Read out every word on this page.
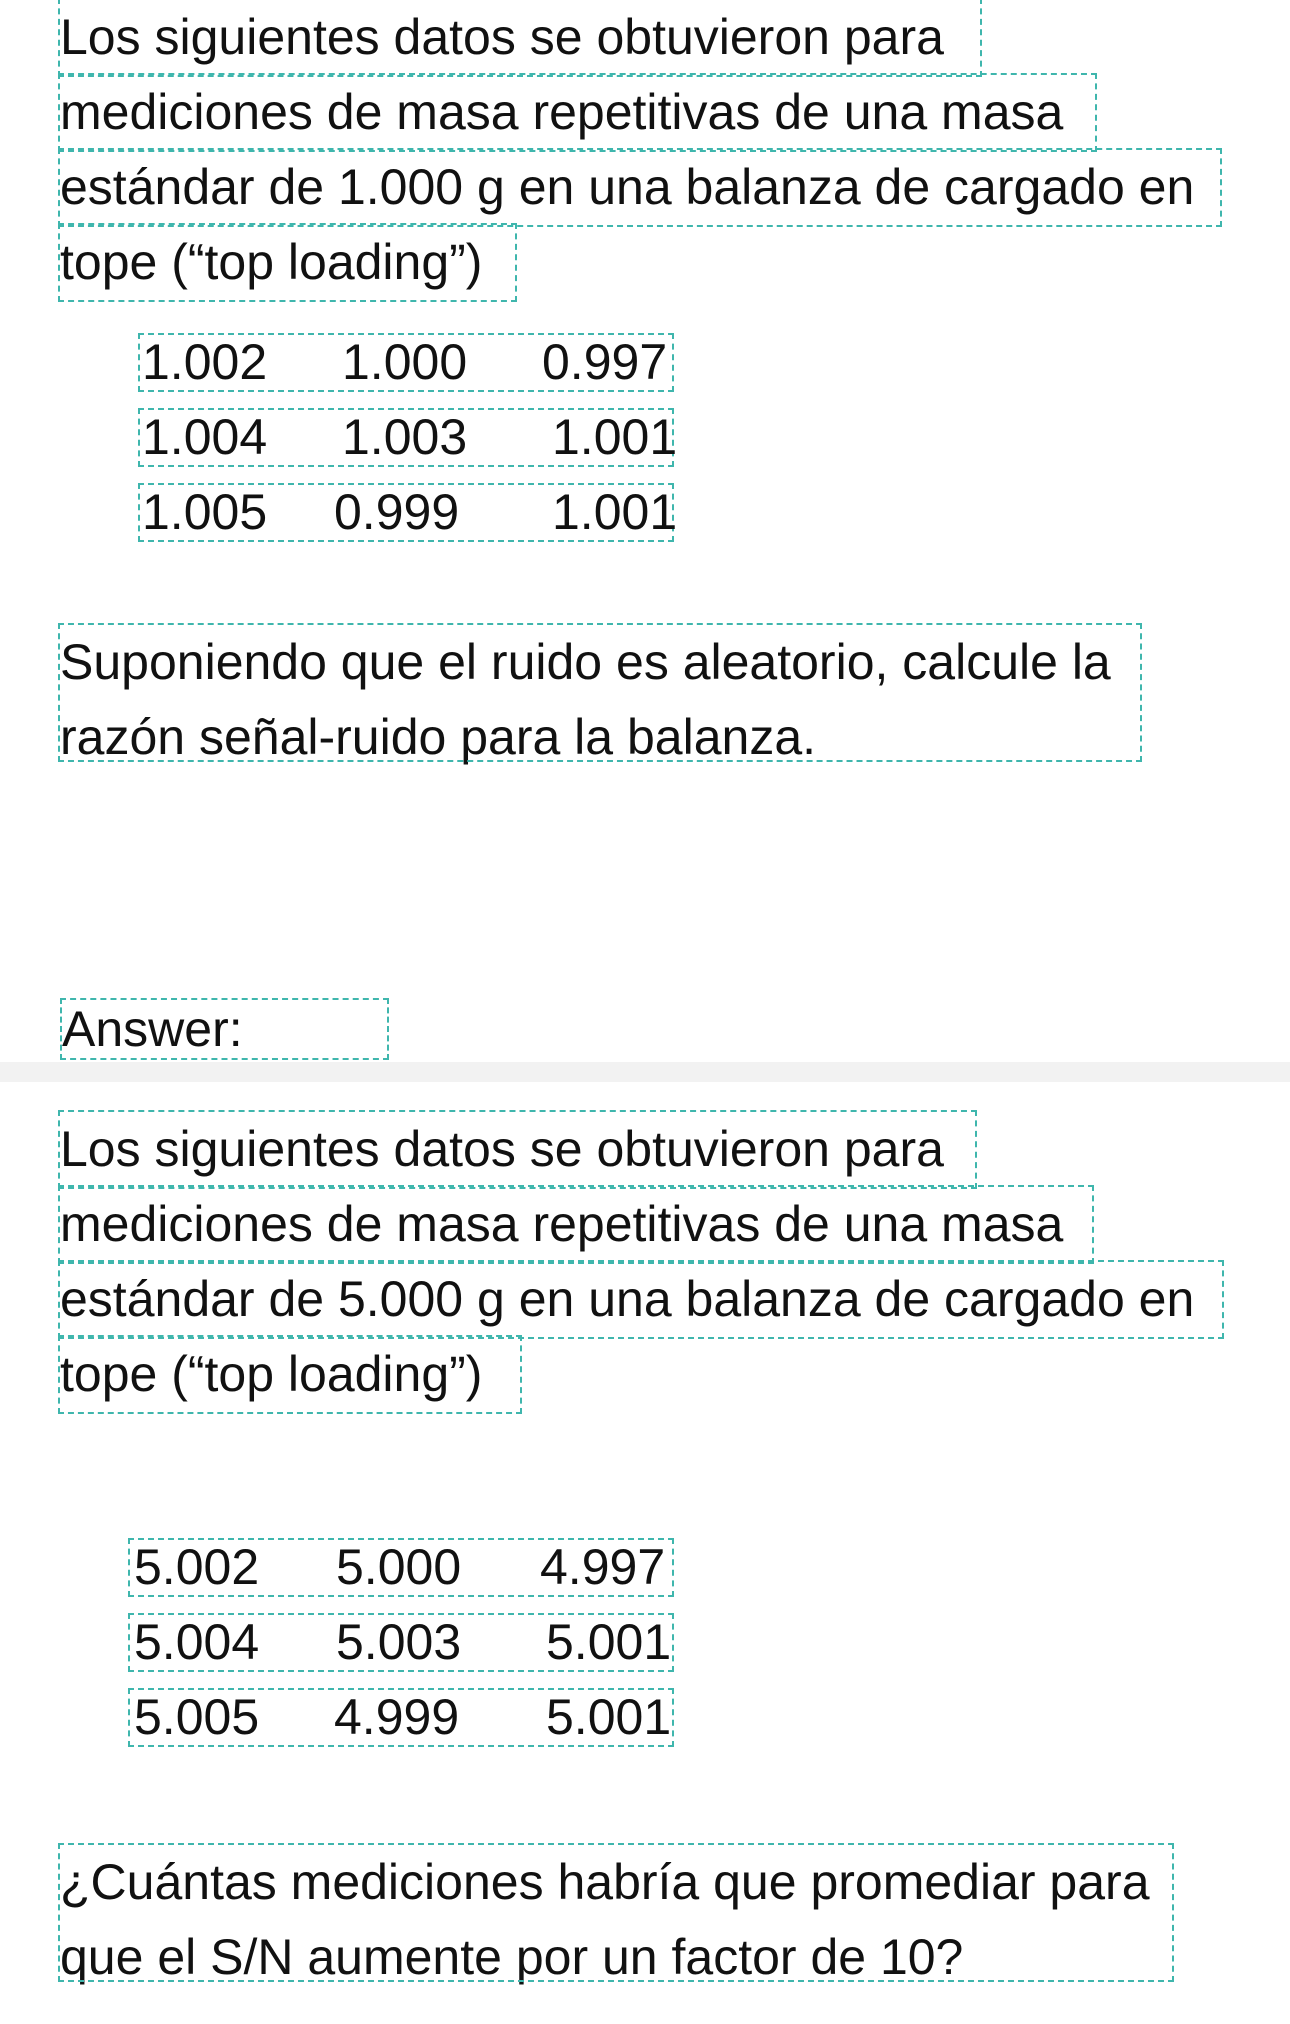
Los siguientes datos se obtuvieron para
mediciones de masa repetitivas de una masa
estándar de 1.000 g en una balanza de cargado en
tope (“top loading”)
1.002 1.000 0.997
1.004 1.003 1.001
1.005 0.999 1.001
Suponiendo que el ruido es aleatorio, calcule la
razón señal-ruido para la balanza.
Answer:
Los siguientes datos se obtuvieron para
mediciones de masa repetitivas de una masa
estándar de 5.000 g en una balanza de cargado en
tope (“top loading”)
5.002 5.000 4.997
5.004 5.003 5.001
5.005 4.999 5.001
¿Cuántas mediciones habría que promediar para
que el S/N aumente por un factor de 10?
